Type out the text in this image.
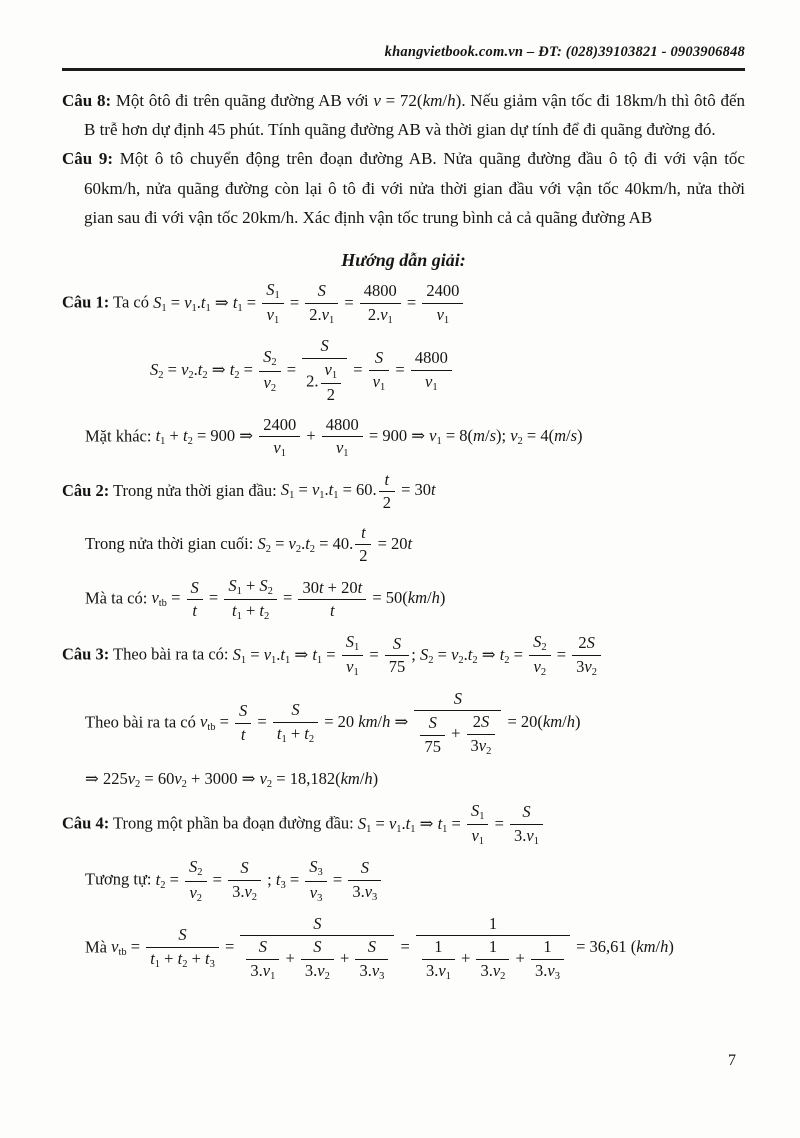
khangvietbook.com.vn – ĐT: (028)39103821 - 0903906848

Câu 8: Một ôtô đi trên quãng đường AB với v = 72(km/h). Nếu giảm vận tốc đi 18km/h thì ôtô đến B trễ hơn dự định 45 phút. Tính quãng đường AB và thời gian dự tính để đi quãng đường đó.

Câu 9: Một ô tô chuyển động trên đoạn đường AB. Nửa quãng đường đầu ô tộ đi với vận tốc 60km/h, nửa quãng đường còn lại ô tô đi với nửa thời gian đầu với vận tốc 40km/h, nửa thời gian sau đi với vận tốc 20km/h. Xác định vận tốc trung bình cả cả quãng đường AB

Hướng dẫn giải:
Câu 1: Ta có $S_1 = v_1.t_1$ ⇒ $t_1 = \frac{S_1}{v_1} = \frac{S}{2.v_1} = \frac{4800}{2.v_1} = \frac{2400}{v_1}$
$S_2 = v_2.t_2$ ⇒ $t_2 = \frac{S_2}{v_2} = \frac{S}{2. \frac{v_1}{2}} = \frac{S}{v_1} = \frac{4800}{v_1}$
Mặt khác: $t_1 + t_2 = 900$ ⇒ $\frac{2400}{v_1} + \frac{4800}{v_1} = 900$ ⇒ $v_1 = 8(m/s)$; $v_2 = 4(m/s)$
Câu 2: Trong nửa thời gian đầu: $S_1 = v_1.t_1 = 60$. $\frac{t}{2} = 30t$
Trong nửa thời gian cuối: $S_2 = v_2.t_2 = 40$. $\frac{t}{2} = 20t$
Mà ta có: $v_{tb} = \frac{S}{t} = \frac{S_1 + S_2}{t_1 + t_2} = \frac{30t + 20t}{t} = 50(km/h)$
Câu 3: Theo bài ra ta có: $S_1 = v_1.t_1$ ⇒ $t_1 = \frac{S_1}{v_1} = \frac{S}{75}$ ; $S_2 = v_2.t_2$ ⇒ $t_2 = \frac{S_2}{v_2} = \frac{2S}{3v_2}$
Theo bài ra ta có $v_{tb} = \frac{S}{t} = \frac{S}{t_1 + t_2} = 20$ km/h ⇒ $\frac{S}{\frac{S}{75} + \frac{2S}{3v_2}} = 20(km/h)$
⇒ $225v_2 = 60v_2 + 3000$ ⇒ $v_2 = 18,182(km/h)$
Câu 4: Trong một phần ba đoạn đường đầu: $S_1 = v_1.t_1$ ⇒ $t_1 = \frac{S_1}{v_1} = \frac{S}{3.v_1}$
Tương tự: $t_2 = \frac{S_2}{v_2} = \frac{S}{3.v_2}$ ; $t_3 = \frac{S_3}{v_3} = \frac{S}{3.v_3}$
Mà $v_{tb} = \frac{S}{t_1 + t_2 + t_3} = \frac{S}{\frac{S}{3.v_1} + \frac{S}{3.v_2} + \frac{S}{3.v_3}} = \frac{1}{\frac{1}{3.v_1} + \frac{1}{3.v_2} + \frac{1}{3.v_3}} = 36,61$ (km/h)
7
